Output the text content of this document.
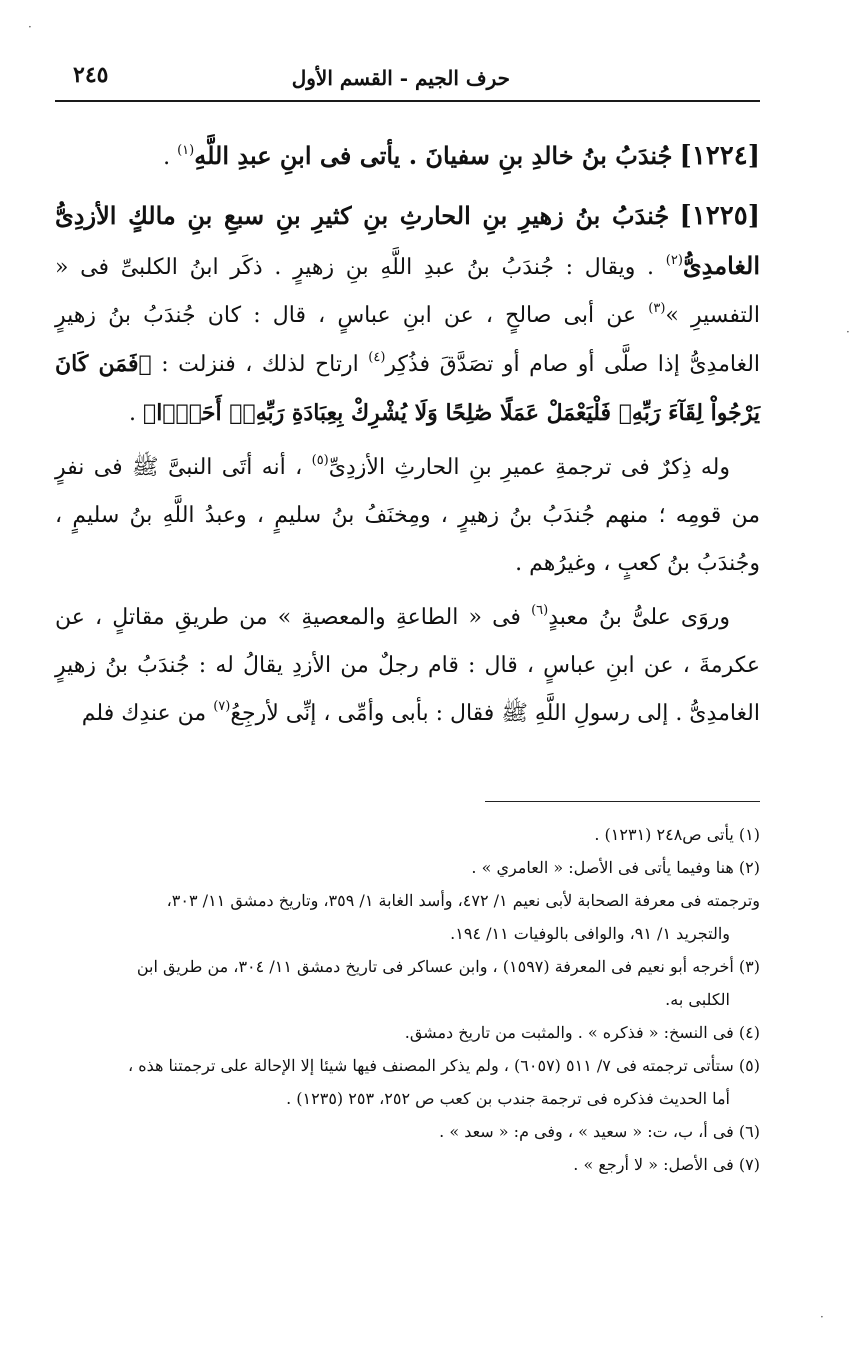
حرف الجيم - القسم الأول
٢٤٥

[١٢٢٤] جُندَبُ بنُ خالدِ بنِ سفيانَ . يأتى فى ابنِ عبدِ اللَّهِ$^{(١)}$ .

[١٢٢٥] جُندَبُ بنُ زهيرِ بنِ الحارثِ بنِ كثيرِ بنِ سبعِ بنِ مالكٍ الأزدِىُّ الغامدِىُّ$^{(٢)}$ . ويقال : جُندَبُ بنُ عبدِ اللَّهِ بنِ زهيرٍ . ذكَر ابنُ الكلبىِّ فى « التفسيرِ »$^{(٣)}$ عن أبى صالحٍ ، عن ابنِ عباسٍ ، قال : كان جُندَبُ بنُ زهيرٍ الغامدِىُّ إذا صلَّى أو صام أو تصَدَّقَ فذُكِر$^{(٤)}$ ارتاح لذلك ، فنزلت : ﴿فَمَن كَانَ يَرْجُواْ لِقَآءَ رَبِّهِۦ فَلْيَعْمَلْ عَمَلًا صَٰلِحًا وَلَا يُشْرِكْ بِعِبَادَةِ رَبِّهِۦٓ أَحَدًۢا﴾ .

وله ذِكرٌ فى ترجمةِ عميرِ بنِ الحارثِ الأزدِىِّ$^{(٥)}$ ، أنه أتَى النبىَّ ﷺ فى نفرٍ من قومِه ؛ منهم جُندَبُ بنُ زهيرٍ ، ومِخنَفُ بنُ سليمٍ ، وعبدُ اللَّهِ بنُ سليمٍ ، وجُندَبُ بنُ كعبٍ ، وغيرُهم .

وروَى علىُّ بنُ معبدٍ$^{(٦)}$ فى « الطاعةِ والمعصيةِ » من طريقِ مقاتلٍ ، عن عكرمةَ ، عن ابنِ عباسٍ ، قال : قام رجلٌ من الأزدِ يقالُ له : جُندَبُ بنُ زهيرٍ الغامدِىُّ . إلى رسولِ اللَّهِ ﷺ فقال : بأبى وأمِّى ، إنِّى لأرجِعُ$^{(٧)}$ من عندِك فلم

(١) يأتى ص٢٤٨ (١٢٣١) .

(٢) هنا وفيما يأتى فى الأصل: « العامري » .

وترجمته فى معرفة الصحابة لأبى نعيم ١/ ٤٧٢، وأسد الغابة ١/ ٣٥٩، وتاريخ دمشق ١١/ ٣٠٣،

والتجريد ١/ ٩١، والوافى بالوفيات ١١/ ١٩٤.

(٣) أخرجه أبو نعيم فى المعرفة (١٥٩٧) ، وابن عساكر فى تاريخ دمشق ١١/ ٣٠٤، من طريق ابن

الكلبى به.

(٤) فى النسخ: « فذكره » . والمثبت من تاريخ دمشق.

(٥) ستأتى ترجمته فى ٧/ ٥١١ (٦٠٥٧) ، ولم يذكر المصنف فيها شيئا إلا الإحالة على ترجمتنا هذه ،

أما الحديث فذكره فى ترجمة جندب بن كعب ص ٢٥٢، ٢٥٣ (١٢٣٥) .

(٦) فى أ، ب، ت: « سعيد » ، وفى م: « سعد » .

(٧) فى الأصل: « لا أرجع » .

·
·
·
